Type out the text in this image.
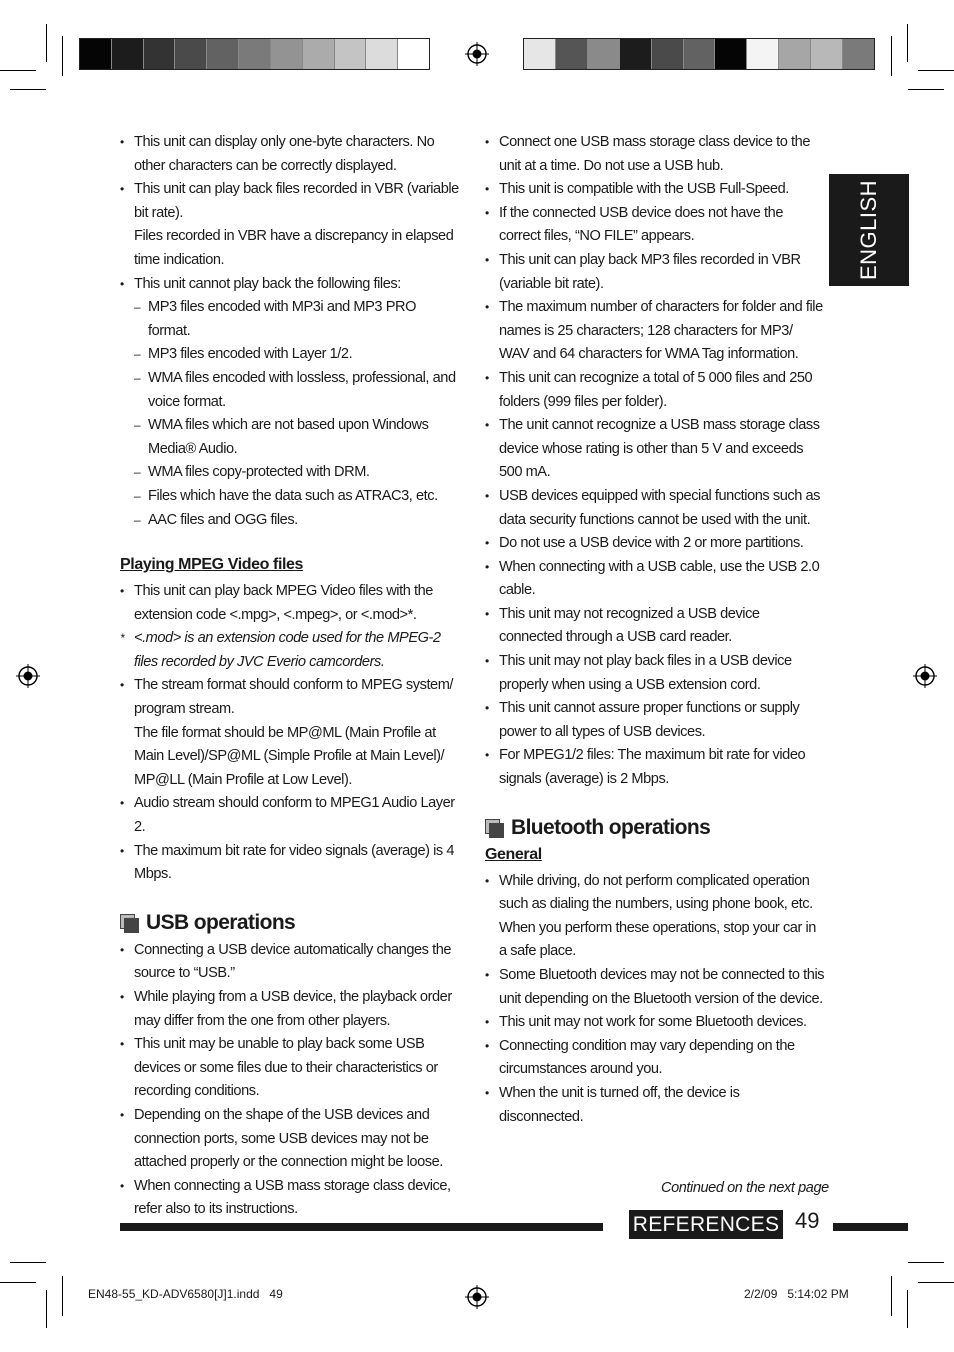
ENGLISH
• This unit can display only one-byte characters. No other characters can be correctly displayed.
• This unit can play back files recorded in VBR (variable bit rate).
Files recorded in VBR have a discrepancy in elapsed time indication.
• This unit cannot play back the following files:
– MP3 files encoded with MP3i and MP3 PRO format.
– MP3 files encoded with Layer 1/2.
– WMA files encoded with lossless, professional, and voice format.
– WMA files which are not based upon Windows Media® Audio.
– WMA files copy-protected with DRM.
– Files which have the data such as ATRAC3, etc.
– AAC files and OGG files.
Playing MPEG Video files
• This unit can play back MPEG Video files with the extension code <.mpg>, <.mpeg>, or <.mod>*.
* <.mod> is an extension code used for the MPEG-2 files recorded by JVC Everio camcorders.
• The stream format should conform to MPEG system/ program stream.
The file format should be MP@ML (Main Profile at Main Level)/SP@ML (Simple Profile at Main Level)/ MP@LL (Main Profile at Low Level).
• Audio stream should conform to MPEG1 Audio Layer 2.
• The maximum bit rate for video signals (average) is 4 Mbps.
USB operations
• Connecting a USB device automatically changes the source to “USB.”
• While playing from a USB device, the playback order may differ from the one from other players.
• This unit may be unable to play back some USB devices or some files due to their characteristics or recording conditions.
• Depending on the shape of the USB devices and connection ports, some USB devices may not be attached properly or the connection might be loose.
• When connecting a USB mass storage class device, refer also to its instructions.
• Connect one USB mass storage class device to the unit at a time. Do not use a USB hub.
• This unit is compatible with the USB Full-Speed.
• If the connected USB device does not have the correct files, “NO FILE” appears.
• This unit can play back MP3 files recorded in VBR (variable bit rate).
• The maximum number of characters for folder and file names is 25 characters; 128 characters for MP3/ WAV and 64 characters for WMA Tag information.
• This unit can recognize a total of 5 000 files and 250 folders (999 files per folder).
• The unit cannot recognize a USB mass storage class device whose rating is other than 5 V and exceeds 500 mA.
• USB devices equipped with special functions such as data security functions cannot be used with the unit.
• Do not use a USB device with 2 or more partitions.
• When connecting with a USB cable, use the USB 2.0 cable.
• This unit may not recognized a USB device connected through a USB card reader.
• This unit may not play back files in a USB device properly when using a USB extension cord.
• This unit cannot assure proper functions or supply power to all types of USB devices.
• For MPEG1/2 files: The maximum bit rate for video signals (average) is 2 Mbps.
Bluetooth operations
General
• While driving, do not perform complicated operation such as dialing the numbers, using phone book, etc. When you perform these operations, stop your car in a safe place.
• Some Bluetooth devices may not be connected to this unit depending on the Bluetooth version of the device.
• This unit may not work for some Bluetooth devices.
• Connecting condition may vary depending on the circumstances around you.
• When the unit is turned off, the device is disconnected.
Continued on the next page
REFERENCES 49
EN48-55_KD-ADV6580[J]1.indd   49	2/2/09   5:14:02 PM
